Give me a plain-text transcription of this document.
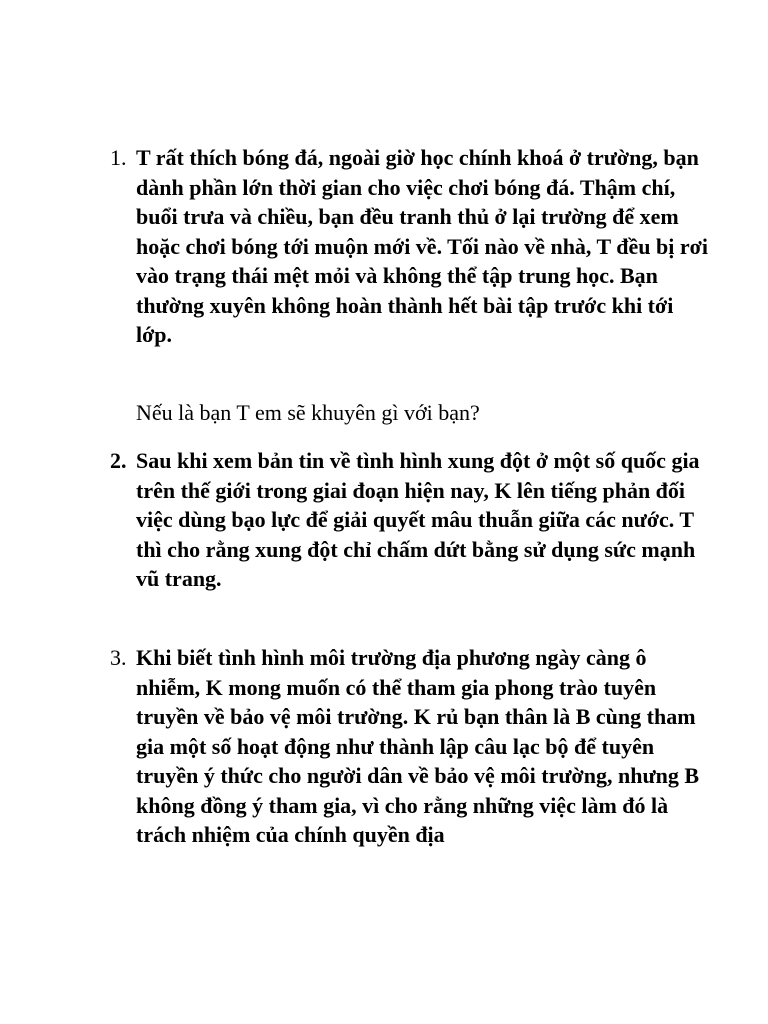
1. T rất thích bóng đá, ngoài giờ học chính khoá ở trường, bạn dành phần lớn thời gian cho việc chơi bóng đá. Thậm chí, buổi trưa và chiều, bạn đều tranh thủ ở lại trường để xem hoặc chơi bóng tới muộn mới về. Tối nào về nhà, T đều bị rơi vào trạng thái mệt mỏi và không thể tập trung học. Bạn thường xuyên không hoàn thành hết bài tập trước khi tới lớp.
Nếu là bạn T em sẽ khuyên gì với bạn?
2. Sau khi xem bản tin về tình hình xung đột ở một số quốc gia trên thế giới trong giai đoạn hiện nay, K lên tiếng phản đối việc dùng bạo lực để giải quyết mâu thuẫn giữa các nước. T thì cho rằng xung đột chỉ chấm dứt bằng sử dụng sức mạnh vũ trang.
3. Khi biết tình hình môi trường địa phương ngày càng ô nhiễm, K mong muốn có thể tham gia phong trào tuyên truyền về bảo vệ môi trường. K rủ bạn thân là B cùng tham gia một số hoạt động như thành lập câu lạc bộ để tuyên truyền ý thức cho người dân về bảo vệ môi trường, nhưng B không đồng ý tham gia, vì cho rằng những việc làm đó là trách nhiệm của chính quyền địa
